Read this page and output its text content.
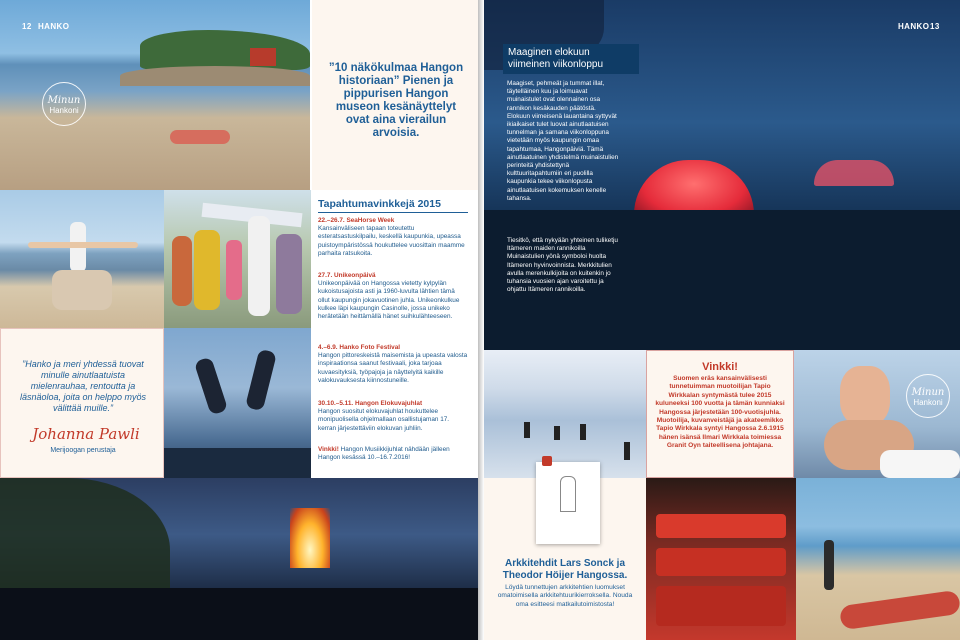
12 HANKO
Minun
Hankoni
”10 näkökulmaa Hangon historiaan” Pienen ja pippurisen Hangon museon kesänäyttelyt ovat aina vierailun arvoisia.
Tapahtumavinkkejä 2015

22.–26.7. SeaHorse Week

Kansainväliseen tapaan toteutettu esteratsastuskilpailu, keskellä kaupunkia, upeassa puistoympäristössä houkuttelee vuosittain maamme parhaita ratsukoita.

27.7. Unikeonpäivä

Unikeonpäivää on Hangossa vietetty kylpylän kukoistusajoista asti ja 1960-luvulta lähtien tämä ollut kaupungin jokavuotinen juhla. Unikeonkulkue kulkee läpi kaupungin Casinolle, jossa unikeko herätetään heittämällä hänet suihkulähteeseen.

4.–6.9. Hanko Foto Festival

Hangon pittoreskeistä maisemista ja upeasta valosta inspiraationsa saanut festivaali, joka tarjoaa kuvaesityksiä, työpajoja ja näyttelyitä kaikille valokuvauksesta kiinnostuneille.

30.10.–5.11. Hangon Elokuvajuhlat

Hangon suositut elokuvajuhlat houkuttelee monipuolisella ohjelmallaan osallistujaman 17. kerran järjestettäviin elokuvan juhliin.

Vinkki! Hangon Musiikkijuhlat nähdään jälleen Hangon kesässä 10.–16.7.2016!

”Hanko ja meri yhdessä tuovat minulle ainutlaatuista mielenrauhaa, rentoutta ja läsnäoloa, joita on helppo myös välittää muille.”
Johanna Pawli
Merijoogan perustaja
HANKO 13
Maaginen elokuun viimeinen viikonloppu
Maagiset, pehmeät ja tummat illat, täytelläinen kuu ja loimuavat muinaistulet ovat olennainen osa rannikon kesäkauden päätöstä. Elokuun viimeisenä lauantaina syttyvät ikiaikaiset tulet luovat ainutlaatuisen tunnelman ja samana viikonloppuna vietetään myös kaupungin omaa tapahtumaa, Hangonpäiviä. Tämä ainutlaatuinen yhdistelmä muinaistulien perinteitä yhdistettynä kulttuuritapahtumiin eri puolilla kaupunkia tekee viikonlopusta ainutlaatuisen kokemuksen kenelle tahansa.
Tiesitkö, että nykyään yhteinen tuliketju Itämeren maiden rannikoilla Muinaistulien yönä symboloi huolta Itämeren hyvinvoinnista. Merkkitulien avulla merenkulkijoita on kuitenkin jo tuhansia vuosien ajan varoitettu ja ohjattu Itämeren rannikoilla.
Vinkki!
Suomen eräs kansainvälisesti tunnetuimman muotoilijan Tapio Wirkkalan syntymästä tulee 2015 kuluneeksi 100 vuotta ja tämän kunniaksi Hangossa järjestetään 100-vuotisjuhla. Muotoilija, kuvanveistäjä ja akateemikko Tapio Wirkkala syntyi Hangossa 2.6.1915 hänen isänsä Ilmari Wirkkala toimiessa Granit Oyn taiteellisena johtajana.
Minun
Hankoni
Arkkitehdit Lars Sonck ja Theodor Höijer Hangossa.
Löydä tunnettujen arkkitehtien luomukset omatoimisella arkkitehtuurikierroksella. Nouda oma esitteesi matkailutoimistosta!
